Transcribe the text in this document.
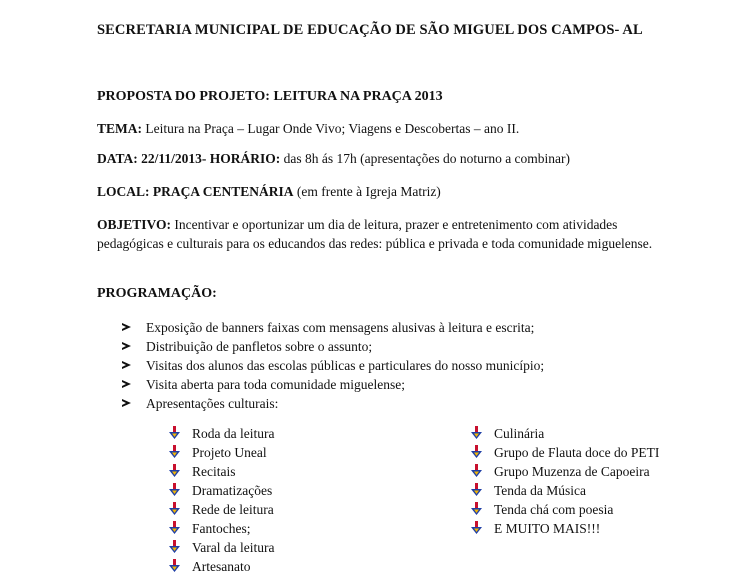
SECRETARIA MUNICIPAL DE EDUCAÇÃO DE SÃO MIGUEL DOS CAMPOS- AL
PROPOSTA DO PROJETO: LEITURA NA PRAÇA 2013
TEMA: Leitura na Praça – Lugar Onde Vivo; Viagens e Descobertas – ano II.
DATA: 22/11/2013- HORÁRIO: das 8h ás 17h (apresentações do noturno a combinar)
LOCAL: PRAÇA CENTENÁRIA (em frente à Igreja Matriz)
OBJETIVO: Incentivar e oportunizar um dia de leitura, prazer e entretenimento com atividades pedagógicas e culturais para os educandos das redes: pública e privada e toda comunidade miguelense.
PROGRAMAÇÃO:
Exposição de banners faixas com mensagens alusivas à leitura e escrita;
Distribuição de panfletos sobre o assunto;
Visitas dos alunos das escolas públicas e particulares do nosso município;
Visita aberta para toda comunidade miguelense;
Apresentações culturais:
Roda da leitura
Projeto Uneal
Recitais
Dramatizações
Rede de leitura
Fantoches;
Varal da leitura
Artesanato
Culinária
Grupo de Flauta doce do PETI
Grupo Muzenza de Capoeira
Tenda da Música
Tenda chá com poesia
E MUITO MAIS!!!
